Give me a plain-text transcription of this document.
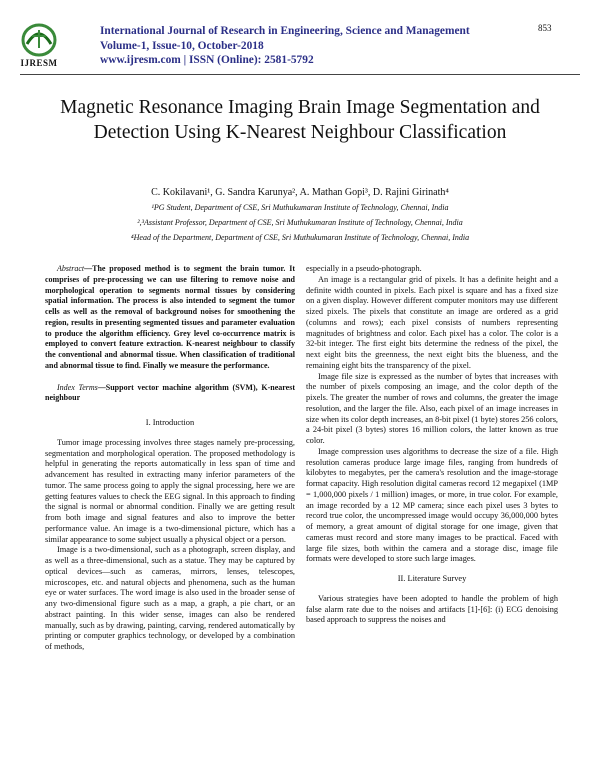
IJRESM
International Journal of Research in Engineering, Science and Management
Volume-1, Issue-10, October-2018
www.ijresm.com | ISSN (Online): 2581-5792
853
Magnetic Resonance Imaging Brain Image Segmentation and Detection Using K-Nearest Neighbour Classification
C. Kokilavani¹, G. Sandra Karunya², A. Mathan Gopi³, D. Rajini Girinath⁴
¹PG Student, Department of CSE, Sri Muthukumaran Institute of Technology, Chennai, India
²,³Assistant Professor, Department of CSE, Sri Muthukumaran Institute of Technology, Chennai, India
⁴Head of the Department, Department of CSE, Sri Muthukumaran Institute of Technology, Chennai, India

Abstract—The proposed method is to segment the brain tumor. It comprises of pre-processing we can use filtering to remove noise and morphological operation to segments normal tissues by considering spatial information. The process is also intended to segment the tumor cells as well as the removal of background noises for smoothening the region, results in presenting segmented tissues and parameter evaluation to produce the algorithm efficiency. Grey level co-occurrence matrix is employed to convert feature extraction. K-nearest neighbour to classify the conventional and abnormal tissue. When classification of traditional and abnormal tissue to find. Finally we measure the performance.

Index Terms—Support vector machine algorithm (SVM), K-nearest neighbour

I. Introduction

Tumor image processing involves three stages namely pre-processing, segmentation and morphological operation. The proposed methodology is helpful in generating the reports automatically in less span of time and advancement has resulted in extracting many inferior parameters of the tumor. The same process going to apply the signal processing, here we are getting features values to check the EEG signal. In this approach to finding the signal is normal or abnormal condition. Finally we are getting result from both image and signal features and also to improve the better performance value. An image is a two-dimensional picture, which has a similar appearance to some subject usually a physical object or a person.

Image is a two-dimensional, such as a photograph, screen display, and as well as a three-dimensional, such as a statue. They may be captured by optical devices—such as cameras, mirrors, lenses, telescopes, microscopes, etc. and natural objects and phenomena, such as the human eye or water surfaces. The word image is also used in the broader sense of any two-dimensional figure such as a map, a graph, a pie chart, or an abstract painting. In this wider sense, images can also be rendered manually, such as by drawing, painting, carving, rendered automatically by printing or computer graphics technology, or developed by a combination of methods,

especially in a pseudo-photograph.

An image is a rectangular grid of pixels. It has a definite height and a definite width counted in pixels. Each pixel is square and has a fixed size on a given display. However different computer monitors may use different sized pixels. The pixels that constitute an image are ordered as a grid (columns and rows); each pixel consists of numbers representing magnitudes of brightness and color. Each pixel has a color. The color is a 32-bit integer. The first eight bits determine the redness of the pixel, the next eight bits the greenness, the next eight bits the blueness, and the remaining eight bits the transparency of the pixel.

Image file size is expressed as the number of bytes that increases with the number of pixels composing an image, and the color depth of the pixels. The greater the number of rows and columns, the greater the image resolution, and the larger the file. Also, each pixel of an image increases in size when its color depth increases, an 8-bit pixel (1 byte) stores 256 colors, a 24-bit pixel (3 bytes) stores 16 million colors, the latter known as true color.

Image compression uses algorithms to decrease the size of a file. High resolution cameras produce large image files, ranging from hundreds of kilobytes to megabytes, per the camera's resolution and the image-storage format capacity. High resolution digital cameras record 12 megapixel (1MP = 1,000,000 pixels / 1 million) images, or more, in true color. For example, an image recorded by a 12 MP camera; since each pixel uses 3 bytes to record true color, the uncompressed image would occupy 36,000,000 bytes of memory, a great amount of digital storage for one image, given that cameras must record and store many images to be practical. Faced with large file sizes, both within the camera and a storage disc, image file formats were developed to store such large images.

II. Literature Survey

Various strategies have been adopted to handle the problem of high false alarm rate due to the noises and artifacts [1]-[6]: (i) ECG denoising based approach to suppress the noises and
